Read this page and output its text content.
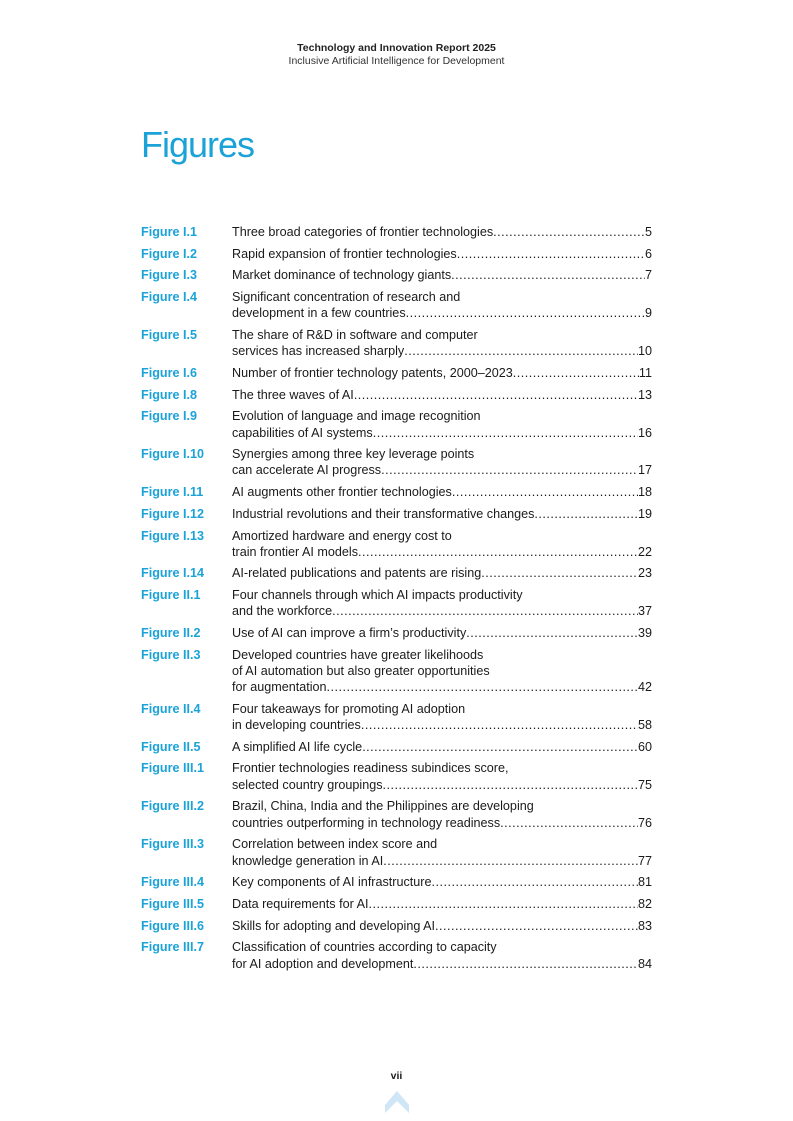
Technology and Innovation Report 2025
Inclusive Artificial Intelligence for Development
Figures
Figure I.1	Three broad categories of frontier technologies .....	5
Figure I.2	Rapid expansion of frontier technologies .....	6
Figure I.3	Market dominance of technology giants .....	7
Figure I.4	Significant concentration of research and
development in a few countries .....	9
Figure I.5	The share of R&D in software and computer
services has increased sharply .....	10
Figure I.6	Number of frontier technology patents, 2000–2023 .....	11
Figure I.8	The three waves of AI .....	13
Figure I.9	Evolution of language and image recognition
capabilities of AI systems .....	16
Figure I.10	Synergies among three key leverage points
can accelerate AI progress .....	17
Figure I.11	AI augments other frontier technologies .....	18
Figure I.12	Industrial revolutions and their transformative changes .....	19
Figure I.13	Amortized hardware and energy cost to
train frontier AI models .....	22
Figure I.14	AI-related publications and patents are rising .....	23
Figure II.1	Four channels through which AI impacts productivity
and the workforce .....	37
Figure II.2	Use of AI can improve a firm’s productivity .....	39
Figure II.3	Developed countries have greater likelihoods
of AI automation but also greater opportunities
for augmentation .....	42
Figure II.4	Four takeaways for promoting AI adoption
in developing countries .....	58
Figure II.5	A simplified AI life cycle .....	60
Figure III.1	Frontier technologies readiness subindices score,
selected country groupings .....	75
Figure III.2	Brazil, China, India and the Philippines are developing
countries outperforming in technology readiness .....	76
Figure III.3	Correlation between index score and
knowledge generation in AI .....	77
Figure III.4	Key components of AI infrastructure .....	81
Figure III.5	Data requirements for AI .....	82
Figure III.6	Skills for adopting and developing AI .....	83
Figure III.7	Classification of countries according to capacity
for AI adoption and development .....	84
vii
